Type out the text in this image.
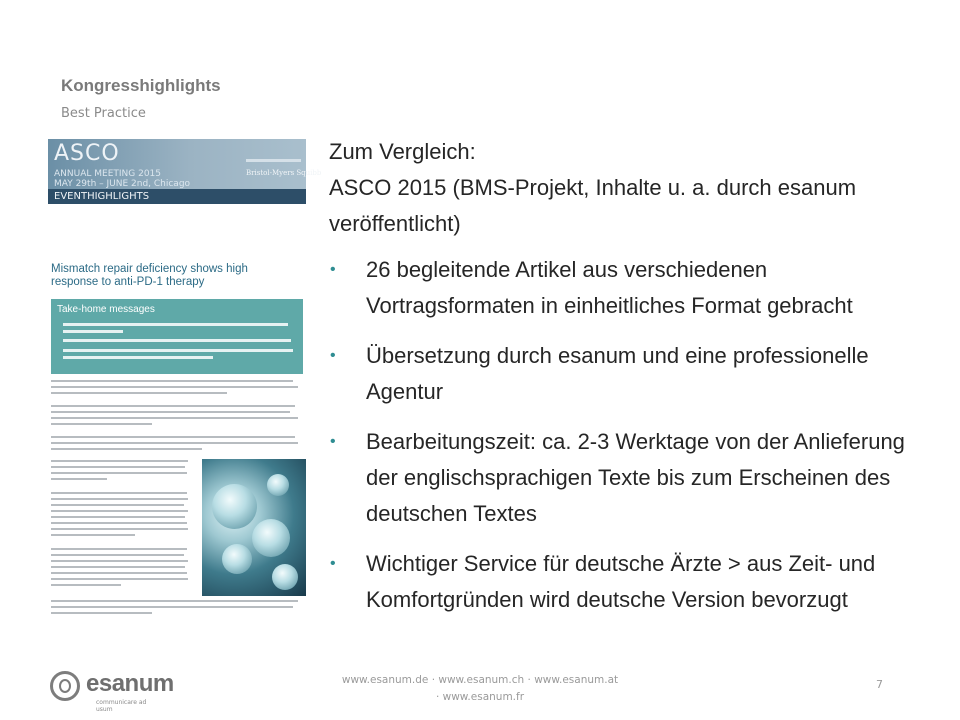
Kongresshighlights
Best Practice
ASCO
ANNUAL MEETING 2015
MAY 29th – JUNE 2nd, Chicago
Bristol-Myers Squibb
EVENTHIGHLIGHTS
Mismatch repair deficiency shows high response to anti-PD-1 therapy
Take-home messages
Zum Vergleich:
ASCO 2015 (BMS-Projekt, Inhalte u. a. durch esanum
veröffentlicht)
• 26 begleitende Artikel aus verschiedenen Vortragsformaten in einheitliches Format gebracht
• Übersetzung durch esanum und eine professionelle Agentur
• Bearbeitungszeit: ca. 2-3 Werktage von der Anlieferung der englischsprachigen Texte bis zum Erscheinen des deutschen Textes
• Wichtiger Service für deutsche Ärzte > aus Zeit- und Komfortgründen wird deutsche Version bevorzugt
esanum
communicare ad usum
www.esanum.de · www.esanum.ch · www.esanum.at
· www.esanum.fr
7
